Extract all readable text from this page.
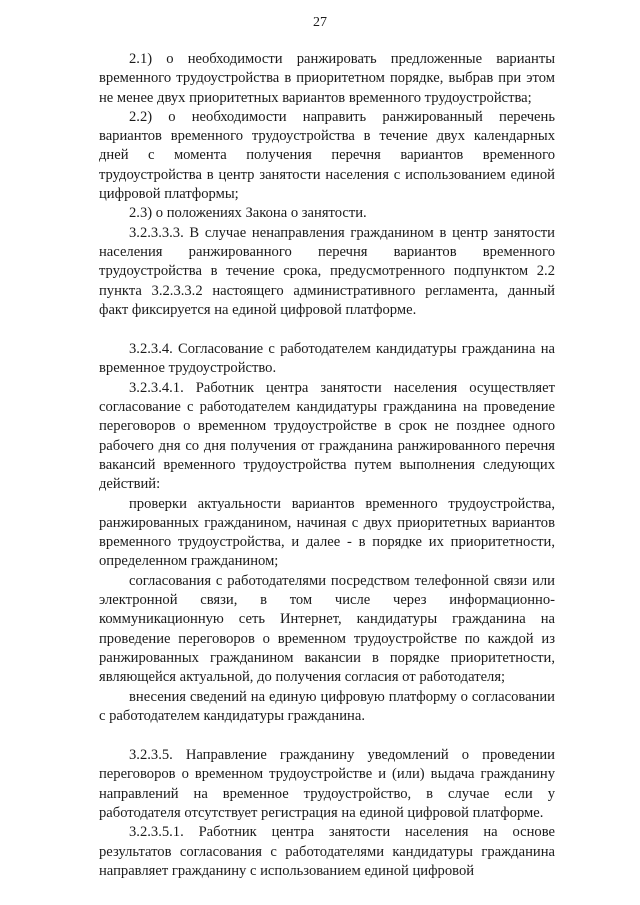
27

2.1) о необходимости ранжировать предложенные варианты временного трудоустройства в приоритетном порядке, выбрав при этом не менее двух приоритетных вариантов временного трудоустройства;

2.2) о необходимости направить ранжированный перечень вариантов временного трудоустройства в течение двух календарных дней с момента получения перечня вариантов временного трудоустройства в центр занятости населения с использованием единой цифровой платформы;

2.3) о положениях Закона о занятости.

3.2.3.3.3. В случае ненаправления гражданином в центр занятости населения ранжированного перечня вариантов временного трудоустройства в течение срока, предусмотренного подпунктом 2.2 пункта 3.2.3.3.2 настоящего административного регламента, данный факт фиксируется на единой цифровой платформе.

3.2.3.4. Согласование с работодателем кандидатуры гражданина на временное трудоустройство.

3.2.3.4.1. Работник центра занятости населения осуществляет согласование с работодателем кандидатуры гражданина на проведение переговоров о временном трудоустройстве в срок не позднее одного рабочего дня со дня получения от гражданина ранжированного перечня вакансий временного трудоустройства путем выполнения следующих действий:

проверки актуальности вариантов временного трудоустройства, ранжированных гражданином, начиная с двух приоритетных вариантов временного трудоустройства, и далее - в порядке их приоритетности, определенном гражданином;

согласования с работодателями посредством телефонной связи или электронной связи, в том числе через информационно-коммуникационную сеть Интернет, кандидатуры гражданина на проведение переговоров о временном трудоустройстве по каждой из ранжированных гражданином вакансии в порядке приоритетности, являющейся актуальной, до получения согласия от работодателя;

внесения сведений на единую цифровую платформу о согласовании с работодателем кандидатуры гражданина.

3.2.3.5. Направление гражданину уведомлений о проведении переговоров о временном трудоустройстве и (или) выдача гражданину направлений на временное трудоустройство, в случае если у работодателя отсутствует регистрация на единой цифровой платформе.

3.2.3.5.1. Работник центра занятости населения на основе результатов согласования с работодателями кандидатуры гражданина направляет гражданину с использованием единой цифровой
